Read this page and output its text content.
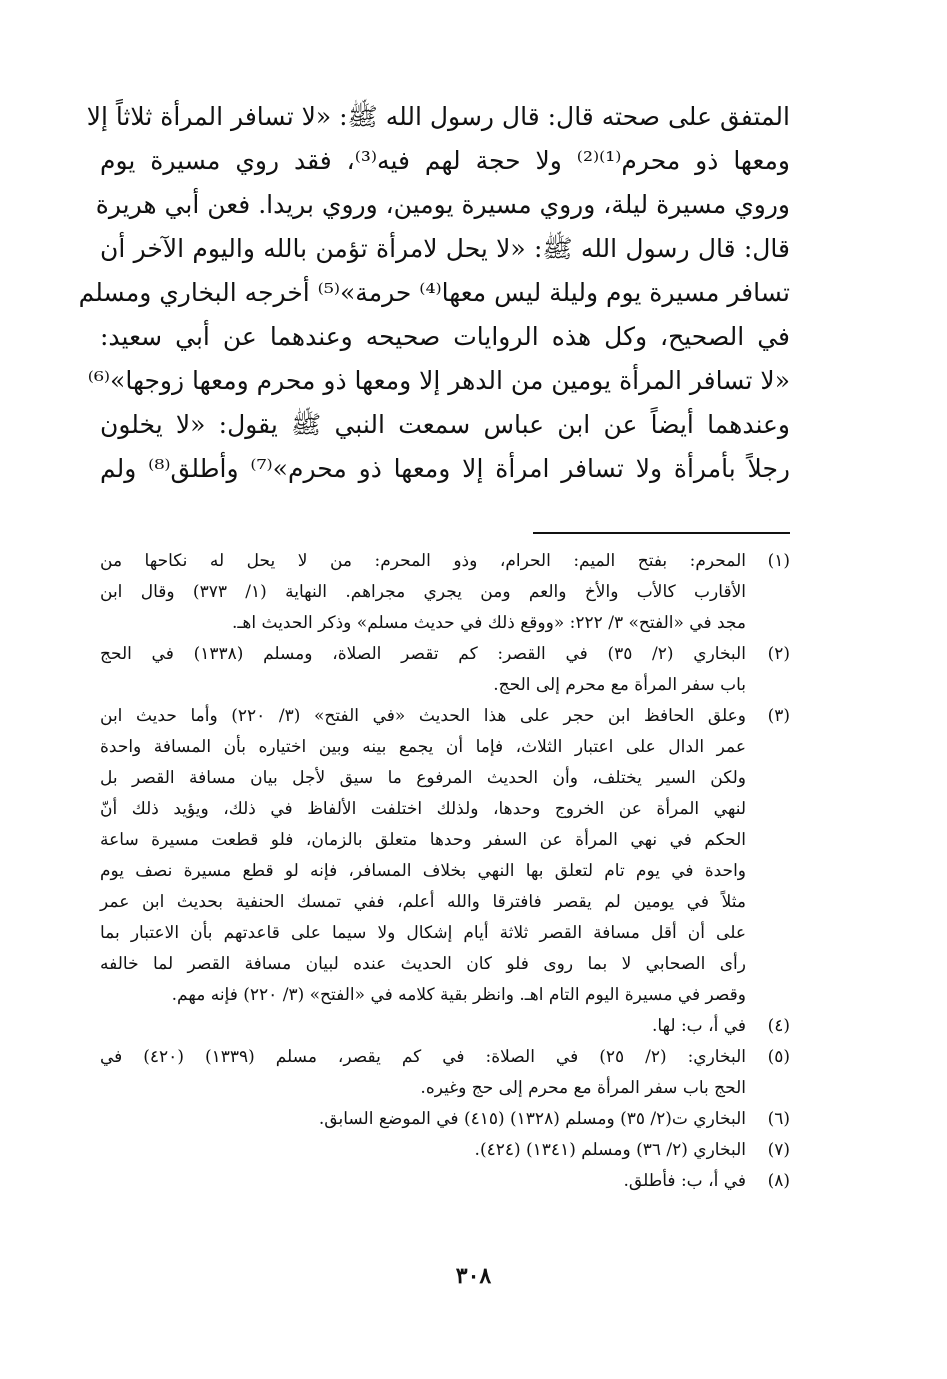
المتفق على صحته قال: قال رسول الله ﷺ: «لا تسافر المرأة ثلاثاً إلا
ومعها ذو محرم⁽¹⁾⁽²⁾ ولا حجة لهم فيه⁽³⁾، فقد روي مسيرة يوم
وروي مسيرة ليلة، وروي مسيرة يومين، وروي بريدا. فعن أبي هريرة
قال: قال رسول الله ﷺ: «لا يحل لامرأة تؤمن بالله واليوم الآخر أن
تسافر مسيرة يوم وليلة ليس معها⁽⁴⁾ حرمة»⁽⁵⁾ أخرجه البخاري ومسلم
في الصحيح، وكل هذه الروايات صحيحه وعندهما عن أبي سعيد:
«لا تسافر المرأة يومين من الدهر إلا ومعها ذو محرم ومعها زوجها»⁽⁶⁾
وعندهما أيضاً عن ابن عباس سمعت النبي ﷺ يقول: «لا يخلون
رجلاً بأمرأة ولا تسافر امرأة إلا ومعها ذو محرم»⁽⁷⁾ وأطلق⁽⁸⁾ ولم
(١)
المحرم: بفتح الميم: الحرام، وذو المحرم: من لا يحل له نكاحها من
الأقارب كالأب والأخ والعم ومن يجري مجراهم. النهاية (١/ ٣٧٣) وقال ابن
مجد في «الفتح» ٣/ ٢٢٢: «ووقع ذلك في حديث مسلم» وذكر الحديث اهـ.
(٢)
البخاري (٢/ ٣٥) في القصر: كم تقصر الصلاة، ومسلم (١٣٣٨) في الحج
باب سفر المرأة مع محرم إلى الحج.
(٣)
وعلق الحافظ ابن حجر على هذا الحديث «في الفتح» (٣/ ٢٢٠) وأما حديث ابن
عمر الدال على اعتبار الثلاث، فإما أن يجمع بينه وبين اختياره بأن المسافة واحدة
ولكن السير يختلف، وأن الحديث المرفوع ما سيق لأجل بيان مسافة القصر بل
لنهي المرأة عن الخروج وحدها، ولذلك اختلفت الألفاظ في ذلك، ويؤيد ذلك أنّ
الحكم في نهي المرأة عن السفر وحدها متعلق بالزمان، فلو قطعت مسيرة ساعة
واحدة في يوم تام لتعلق بها النهي بخلاف المسافر، فإنه لو قطع مسيرة نصف يوم
مثلاً في يومين لم يقصر فافترقا والله أعلم، ففي تمسك الحنفية بحديث ابن عمر
على أن أقل مسافة القصر ثلاثة أيام إشكال ولا سيما على قاعدتهم بأن الاعتبار بما
رأى الصحابي لا بما روى فلو كان الحديث عنده لبيان مسافة القصر لما خالفه
وقصر في مسيرة اليوم التام اهـ. وانظر بقية كلامه في «الفتح» (٣/ ٢٢٠) فإنه مهم.
(٤)
في أ، ب: لها.
(٥)
البخاري: (٢/ ٢٥) في الصلاة: في كم يقصر، مسلم (١٣٣٩) (٤٢٠) في
الحج باب سفر المرأة مع محرم إلى حج وغيره.
(٦)
البخاري ت(٢/ ٣٥) ومسلم (١٣٢٨) (٤١٥) في الموضع السابق.
(٧)
البخاري (٢/ ٣٦) ومسلم (١٣٤١) (٤٢٤).
(٨)
في أ، ب: فأطلق.
٣٠٨
